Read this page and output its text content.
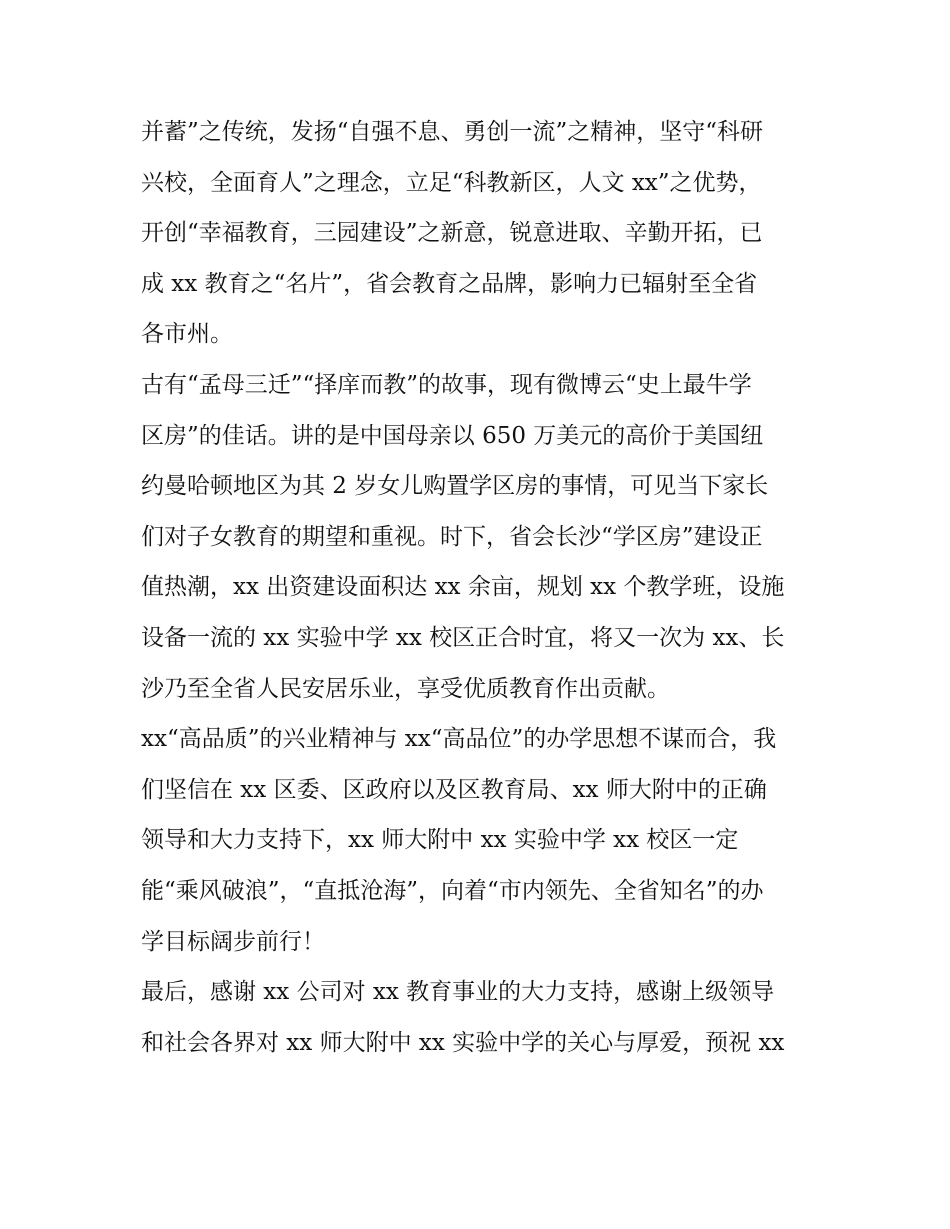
并蓄”之传统，发扬“自强不息、勇创一流”之精神，坚守“科研
兴校，全面育人”之理念，立足“科教新区，人文 xx”之优势，
开创“幸福教育，三园建设”之新意，锐意进取、辛勤开拓，已
成 xx 教育之“名片”，省会教育之品牌，影响力已辐射至全省
各市州。
古有“孟母三迁”“择庠而教”的故事，现有微博云“史上最牛学
区房”的佳话。讲的是中国母亲以 650 万美元的高价于美国纽
约曼哈顿地区为其 2 岁女儿购置学区房的事情，可见当下家长
们对子女教育的期望和重视。时下，省会长沙“学区房”建设正
值热潮，xx 出资建设面积达 xx 余亩，规划 xx 个教学班，设施
设备一流的 xx 实验中学 xx 校区正合时宜，将又一次为 xx、长
沙乃至全省人民安居乐业，享受优质教育作出贡献。
xx“高品质”的兴业精神与 xx“高品位”的办学思想不谋而合，我
们坚信在 xx 区委、区政府以及区教育局、xx 师大附中的正确
领导和大力支持下，xx 师大附中 xx 实验中学 xx 校区一定
能“乘风破浪”，“直抵沧海”，向着“市内领先、全省知名”的办
学目标阔步前行！
最后，感谢 xx 公司对 xx 教育事业的大力支持，感谢上级领导
和社会各界对 xx 师大附中 xx 实验中学的关心与厚爱，预祝 xx
